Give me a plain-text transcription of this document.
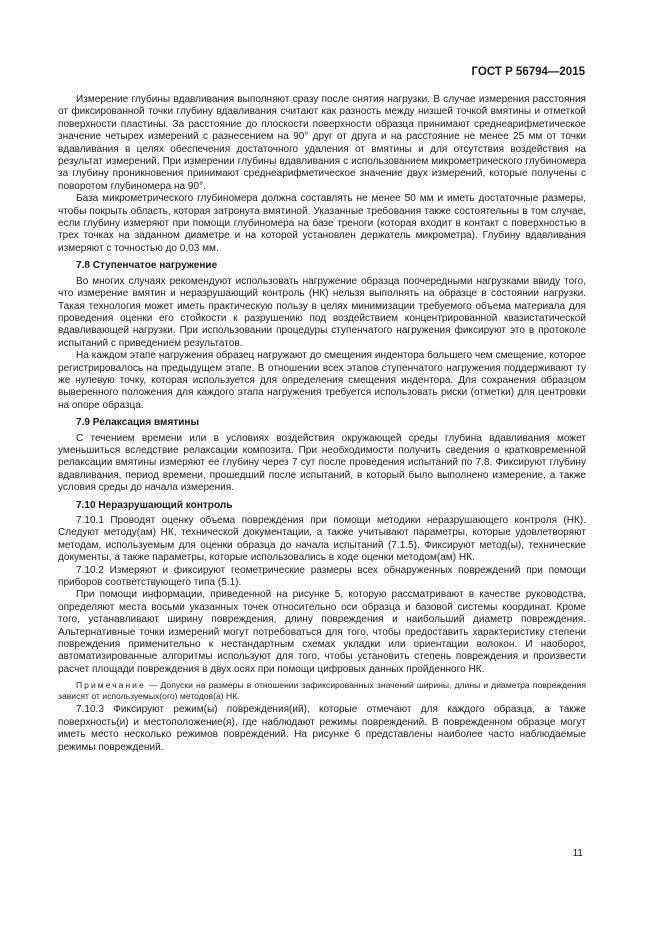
ГОСТ Р 56794—2015

Измерение глубины вдавливания выполняют сразу после снятия нагрузки. В случае измерения расстояния от фиксированной точки глубину вдавливания считают как разность между низшей точкой вмятины и отметкой поверхности пластины. За расстояние до плоскости поверхности образца принимают среднеарифметическое значение четырех измерений с разнесением на 90° друг от друга и на расстояние не менее 25 мм от точки вдавливания в целях обеспечения достаточного удаления от вмятины и для отсутствия воздействия на результат измерений. При измерении глубины вдавливания с использованием микрометрического глубиномера за глубину проникновения принимают среднеарифметическое значение двух измерений, которые получены с поворотом глубиномера на 90°.

База микрометрического глубиномера должна составлять не менее 50 мм и иметь достаточные размеры, чтобы покрыть область, которая затронута вмятиной. Указанные требования также состоятельны в том случае, если глубину измеряют при помощи глубиномера на базе треноги (которая входит в контакт с поверхностью в трех точках на заданном диаметре и на которой установлен держатель микрометра). Глубину вдавливания измеряют с точностью до 0,03 мм.

7.8 Ступенчатое нагружение

Во многих случаях рекомендуют использовать нагружение образца поочередными нагрузками ввиду того, что измерение вмятин и неразрушающий контроль (НК) нельзя выполнять на образце в состоянии нагрузки. Такая технология может иметь практическую пользу в целях минимизации требуемого объема материала для проведения оценки его стойкости к разрушению под воздействием концентрированной квазистатической вдавливающей нагрузки. При использовании процедуры ступенчатого нагружения фиксируют это в протоколе испытаний с приведением результатов.

На каждом этапе нагружения образец нагружают до смещения индентора большего чем смещение, которое регистрировалось на предыдущем этапе. В отношении всех этапов ступенчатого нагружения поддерживают ту же нулевую точку, которая используется для определения смещения индентора. Для сохранения образцом выверенного положения для каждого этапа нагружения требуется использовать риски (отметки) для центровки на опоре образца.

7.9 Релаксация вмятины

С течением времени или в условиях воздействия окружающей среды глубина вдавливания может уменьшиться вследствие релаксации композита. При необходимости получить сведения о кратковременной релаксации вмятины измеряют ее глубину через 7 сут после проведения испытаний по 7.8. Фиксируют глубину вдавливания, период времени, прошедший после испытаний, в который было выполнено измерение, а также условия среды до начала измерения.

7.10 Неразрушающий контроль

7.10.1 Проводят оценку объема повреждения при помощи методики неразрушающего контроля (НК). Следуют методу(ам) НК, технической документации, а также учитывают параметры, которые удовлетворяют методам, используемым для оценки образца до начала испытаний (7.1.5). Фиксируют метод(ы), технические документы, а также параметры, которые использовались в ходе оценки методом(ам) НК.

7.10.2 Измеряют и фиксируют геометрические размеры всех обнаруженных повреждений при помощи приборов соответствующего типа (5.1).

При помощи информации, приведенной на рисунке 5, которую рассматривают в качестве руководства, определяют места восьми указанных точек относительно оси образца и базовой системы координат. Кроме того, устанавливают ширину повреждения, длину повреждения и наибольший диаметр повреждения. Альтернативные точки измерений могут потребоваться для того, чтобы предоставить характеристику степени повреждения применительно к нестандартным схемах укладки или ориентации волокон. И наоборот, автоматизированные алгоритмы используют для того, чтобы установить степень повреждения и произвести расчет площади повреждения в двух осях при помощи цифровых данных пройденного НК.

Примечание — Допуски на размеры в отношении зафиксированных значений ширины, длины и диаметра повреждения зависят от используемых(ого) методов(а) НК.

7.10.3 Фиксируют режим(ы) повреждения(ий), которые отмечают для каждого образца, а также поверхность(и) и местоположение(я), где наблюдают режимы повреждений. В поврежденном образце могут иметь место несколько режимов повреждений. На рисунке 6 представлены наиболее часто наблюдаемые режимы повреждений.

11
